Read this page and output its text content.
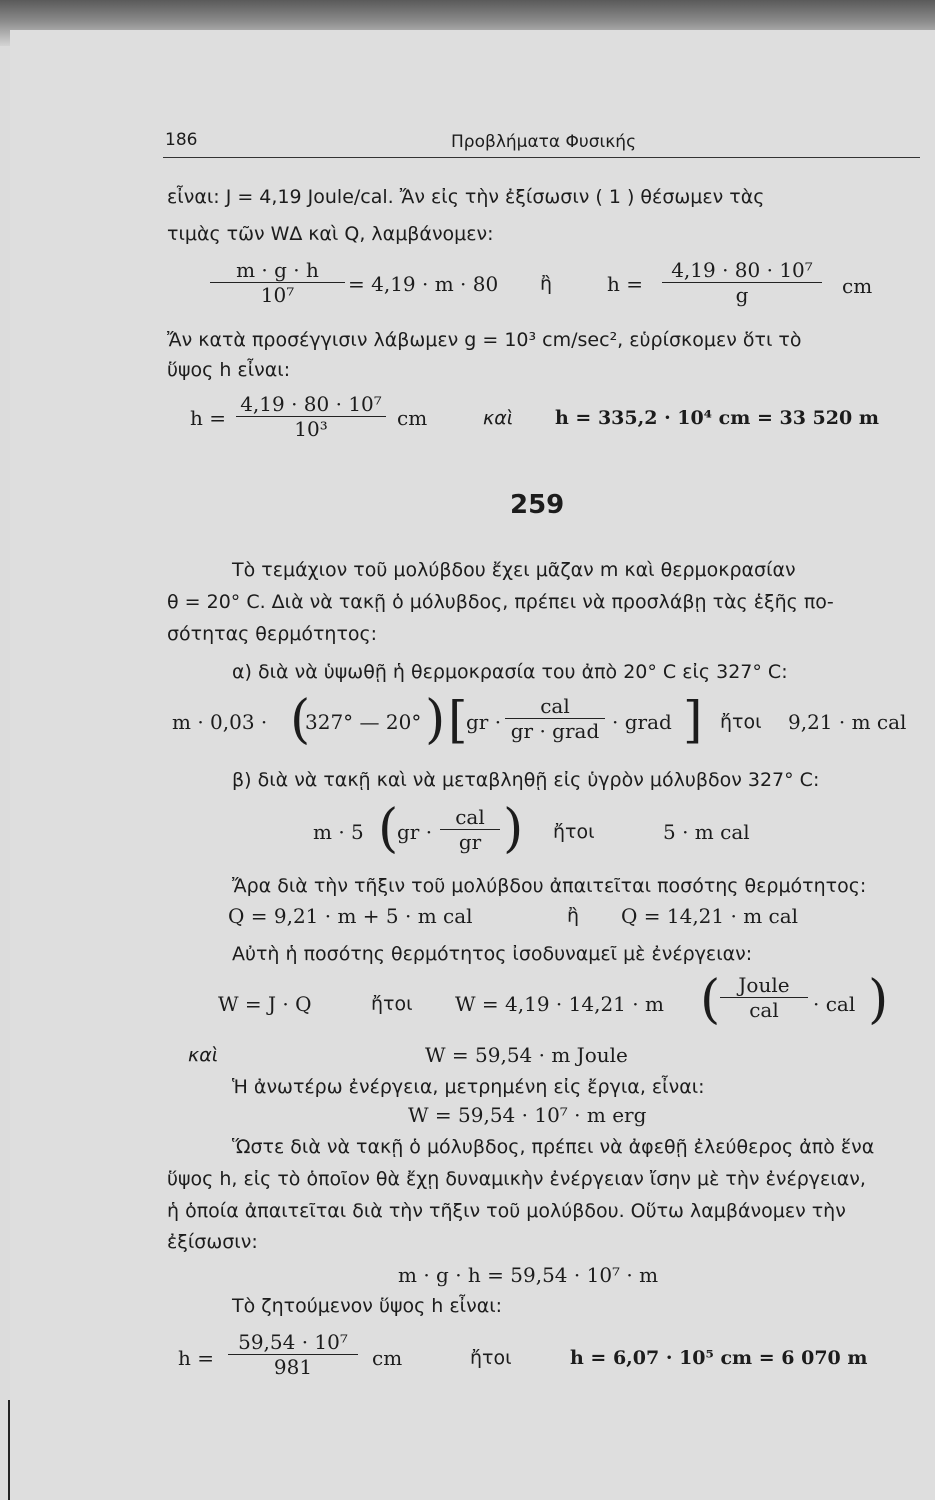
186	Προβλήματα Φυσικής
εἶναι: J = 4,19 Joule/cal. Ἄν εἰς τὴν ἐξίσωσιν ( 1 ) θέσωμεν τὰς
τιμὰς τῶν W∆ καὶ Q, λαμβάνομεν:
$\frac{m \cdot g \cdot h}{\text{10⁷}} = 4,19 \cdot m \cdot 80$ ἢ	$h = \frac{\text{4,19 · 80 · 10⁷}}{g}$ cm
Ἄν κατὰ προσέγγισιν λάβωμεν g = 10³ cm/sec², εὑρίσκομεν ὅτι τὸ
ὕψος h εἶναι:
$h = \frac{\text{4,19 · 80 · 10⁷}}{\text{10³}}$ cm	καὶ h = 335,2 · 10⁴ cm = 33 520 m
259
Τὸ τεμάχιον τοῦ μολύβδου ἔχει μᾶζαν m καὶ θερμοκρασίαν
θ = 20° C. Διὰ νὰ τακῇ ὁ μόλυβδος, πρέπει νὰ προσλάβῃ τὰς ἑξῆς πο-
σότητας θερμότητος:
α) διὰ νὰ ὑψωθῇ ἡ θερμοκρασία του ἀπὸ 20° C εἰς 327° C:
m · 0,03 · (
327° — 20° ) [
gr ·
cal
gr · grad · grad ] ἤτοι 9,21 · m cal
β) διὰ νὰ τακῇ καὶ νὰ μεταβληθῇ εἰς ὑγρὸν μόλυβδον 327° C:
m · 5 (
gr ·
cal
gr ) ἤτοι	5 · m cal
Ἄρα διὰ τὴν τῆξιν τοῦ μολύβδου ἀπαιτεῖται ποσότης θερμότητος:
Q = 9,21 · m + 5 · m cal	ἢ Q = 14,21 · m cal
Αὐτὴ ἡ ποσότης θερμότητος ἰσοδυναμεῖ μὲ ἐνέργειαν:
W = J · Q	ἤτοι W = 4,19 · 14,21 · m ( Joule
cal	· cal )
καὶ	W = 59,54 · m Joule
Ἡ ἀνωτέρω ἐνέργεια, μετρημένη εἰς ἔργια, εἶναι:
W = 59,54 · 10⁷ · m erg
Ὥστε διὰ νὰ τακῇ ὁ μόλυβδος, πρέπει νὰ ἀφεθῇ ἐλεύθερος ἀπὸ ἕνα
ὕψος h, εἰς τὸ ὁποῖον θὰ ἔχῃ δυναμικὴν ἐνέργειαν ἴσην μὲ τὴν ἐνέργειαν,
ἡ ὁποία ἀπαιτεῖται διὰ τὴν τῆξιν τοῦ μολύβδου. Οὕτω λαμβάνομεν τὴν
ἐξίσωσιν:
m · g · h = 59,54 · 10⁷ · m
Τὸ ζητούμενον ὕψος h εἶναι:
$h = \frac{\text{59,54 · 10⁷}}{981}$ cm	ἤτοι	h = 6,07 · 10⁵ cm = 6 070 m
